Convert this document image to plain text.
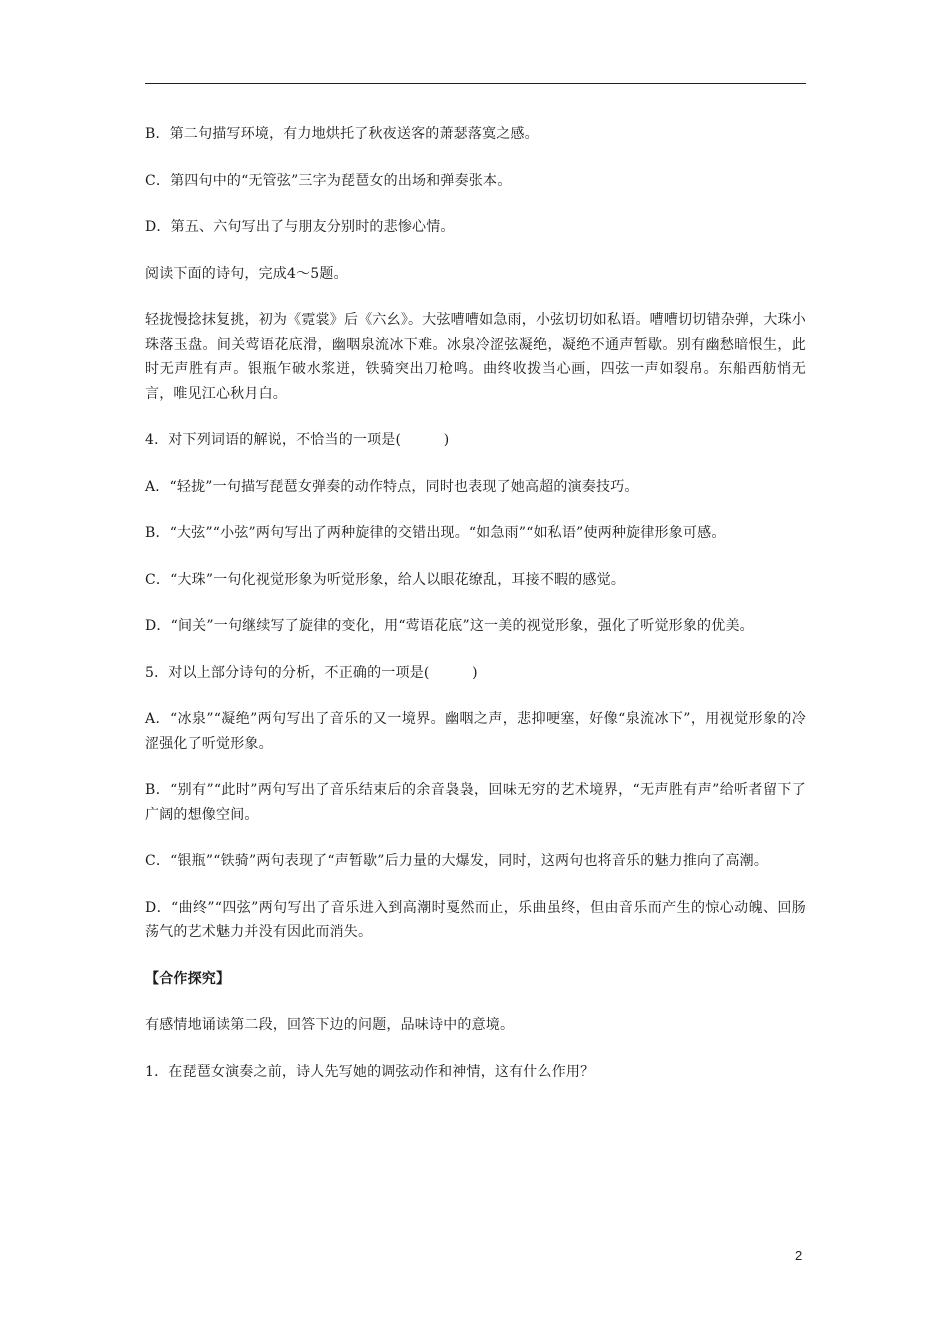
B．第二句描写环境，有力地烘托了秋夜送客的萧瑟落寞之感。

C．第四句中的“无管弦”三字为琵琶女的出场和弹奏张本。

D．第五、六句写出了与朋友分别时的悲惨心情。

阅读下面的诗句，完成4～5题。

轻拢慢捻抹复挑，初为《霓裳》后《六幺》。大弦嘈嘈如急雨，小弦切切如私语。嘈嘈切切错杂弹，大珠小珠落玉盘。间关莺语花底滑，幽咽泉流冰下难。冰泉冷涩弦凝绝，凝绝不通声暂歇。别有幽愁暗恨生，此时无声胜有声。银瓶乍破水浆迸，铁骑突出刀枪鸣。曲终收拨当心画，四弦一声如裂帛。东船西舫悄无言，唯见江心秋月白。

4．对下列词语的解说，不恰当的一项是(　　　)

A．“轻拢”一句描写琵琶女弹奏的动作特点，同时也表现了她高超的演奏技巧。

B．“大弦”“小弦”两句写出了两种旋律的交错出现。“如急雨”“如私语”使两种旋律形象可感。

C．“大珠”一句化视觉形象为听觉形象，给人以眼花缭乱，耳接不暇的感觉。

D．“间关”一句继续写了旋律的变化，用“莺语花底”这一美的视觉形象，强化了听觉形象的优美。

5．对以上部分诗句的分析，不正确的一项是(　　　)

A．“冰泉”“凝绝”两句写出了音乐的又一境界。幽咽之声，悲抑哽塞，好像“泉流冰下”，用视觉形象的冷涩强化了听觉形象。

B．“别有”“此时”两句写出了音乐结束后的余音袅袅，回味无穷的艺术境界，“无声胜有声”给听者留下了广阔的想像空间。

C．“银瓶”“铁骑”两句表现了“声暂歇”后力量的大爆发，同时，这两句也将音乐的魅力推向了高潮。

D．“曲终”“四弦”两句写出了音乐进入到高潮时戛然而止，乐曲虽终，但由音乐而产生的惊心动魄、回肠荡气的艺术魅力并没有因此而消失。

【合作探究】

有感情地诵读第二段，回答下边的问题，品味诗中的意境。

1．在琵琶女演奏之前，诗人先写她的调弦动作和神情，这有什么作用？

2
